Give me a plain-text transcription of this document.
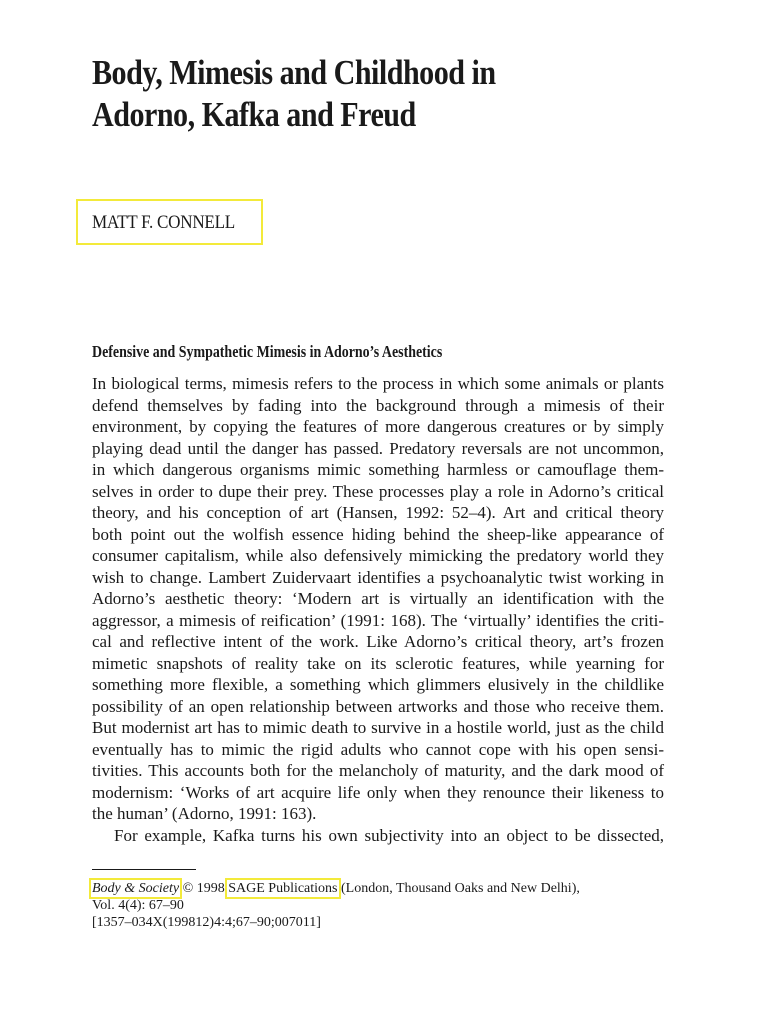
Body, Mimesis and Childhood in
Adorno, Kafka and Freud
MATT F. CONNELL
Defensive and Sympathetic Mimesis in Adorno’s Aesthetics
In biological terms, mimesis refers to the process in which some animals or plants
defend themselves by fading into the background through a mimesis of their
environment, by copying the features of more dangerous creatures or by simply
playing dead until the danger has passed. Predatory reversals are not uncommon,
in which dangerous organisms mimic something harmless or camouflage them-
selves in order to dupe their prey. These processes play a role in Adorno’s critical
theory, and his conception of art (Hansen, 1992: 52–4). Art and critical theory
both point out the wolfish essence hiding behind the sheep-like appearance of
consumer capitalism, while also defensively mimicking the predatory world they
wish to change. Lambert Zuidervaart identifies a psychoanalytic twist working in
Adorno’s aesthetic theory: ‘Modern art is virtually an identification with the
aggressor, a mimesis of reification’ (1991: 168). The ‘virtually’ identifies the criti-
cal and reflective intent of the work. Like Adorno’s critical theory, art’s frozen
mimetic snapshots of reality take on its sclerotic features, while yearning for
something more flexible, a something which glimmers elusively in the childlike
possibility of an open relationship between artworks and those who receive them.
But modernist art has to mimic death to survive in a hostile world, just as the child
eventually has to mimic the rigid adults who cannot cope with his open sensi-
tivities. This accounts both for the melancholy of maturity, and the dark mood of
modernism: ‘Works of art acquire life only when they renounce their likeness to
the human’ (Adorno, 1991: 163).
For example, Kafka turns his own subjectivity into an object to be dissected,
Body & Society © 1998 SAGE Publications (London, Thousand Oaks and New Delhi),
Vol. 4(4): 67–90
[1357–034X(199812)4:4;67–90;007011]
